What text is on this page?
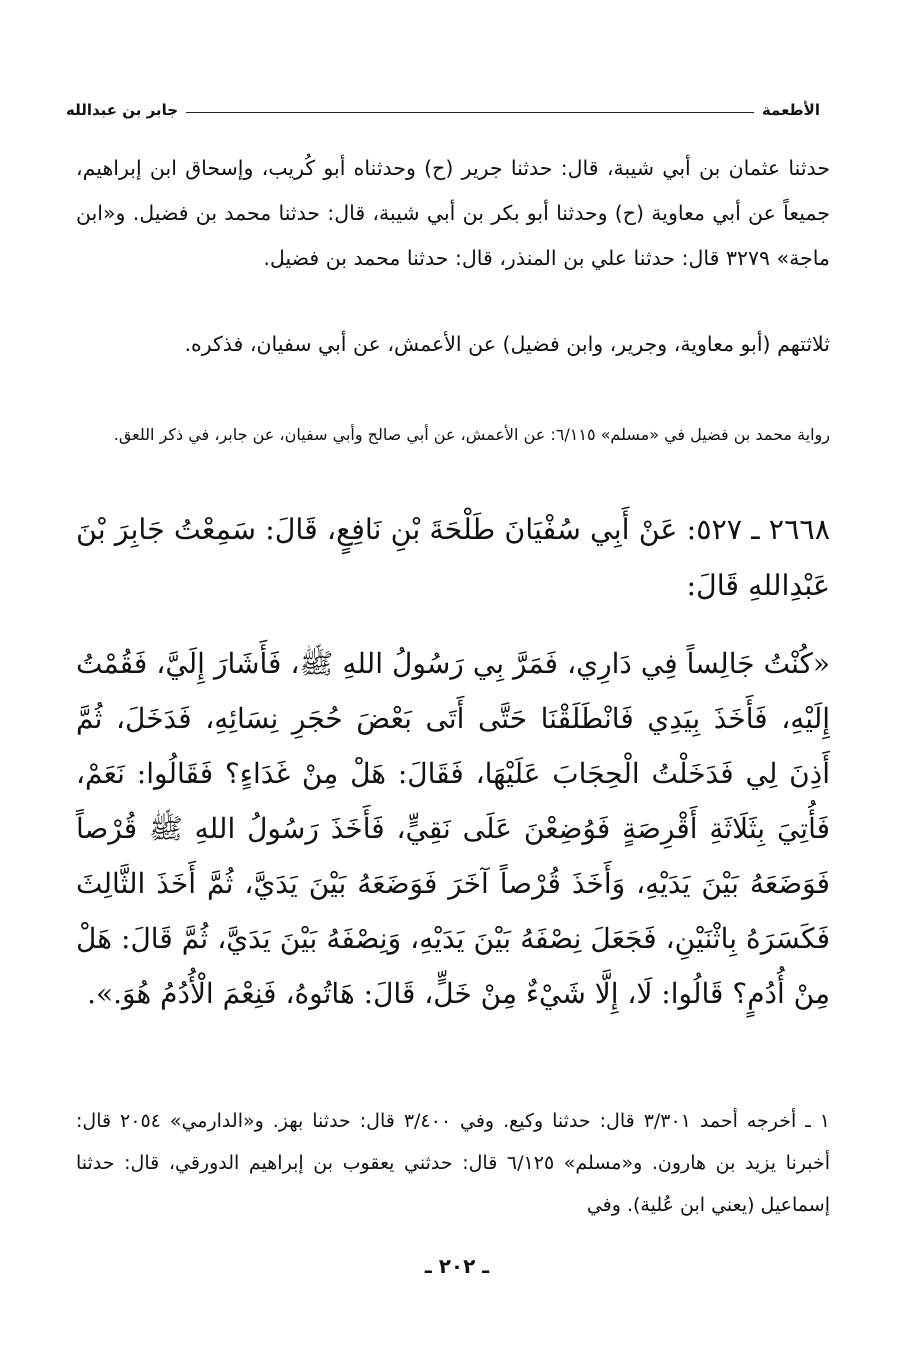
الأطعمة
جابر بن عبدالله
حدثنا عثمان بن أبي شيبة، قال: حدثنا جرير (ح) وحدثناه أبو كُريب، وإسحاق ابن إبراهيم، جميعاً عن أبي معاوية (ح) وحدثنا أبو بكر بن أبي شيبة، قال: حدثنا محمد بن فضيل. و«ابن ماجة» ٣٢٧٩ قال: حدثنا علي بن المنذر، قال: حدثنا محمد بن فضيل.
ثلاثتهم (أبو معاوية، وجرير، وابن فضيل) عن الأعمش، عن أبي سفيان، فذكره.
رواية محمد بن فضيل في «مسلم» ٦/١١٥: عن الأعمش، عن أبي صالح وأبي سفيان، عن جابر، في ذكر اللعق.
٢٦٦٨ ـ ٥٢٧: عَنْ أَبِي سُفْيَانَ طَلْحَةَ بْنِ نَافِعٍ، قَالَ: سَمِعْتُ جَابِرَ بْنَ عَبْدِاللهِ قَالَ:
«كُنْتُ جَالِساً فِي دَارِي، فَمَرَّ بِي رَسُولُ اللهِ ﷺ، فَأَشَارَ إِلَيَّ، فَقُمْتُ إِلَيْهِ، فَأَخَذَ بِيَدِي فَانْطَلَقْنَا حَتَّى أَتَى بَعْضَ حُجَرِ نِسَائِهِ، فَدَخَلَ، ثُمَّ أَذِنَ لِي فَدَخَلْتُ الْحِجَابَ عَلَيْهَا، فَقَالَ: هَلْ مِنْ غَدَاءٍ؟ فَقَالُوا: نَعَمْ، فَأُتِيَ بِثَلَاثَةِ أَقْرِصَةٍ فَوُضِعْنَ عَلَى نَقِيٍّ، فَأَخَذَ رَسُولُ اللهِ ﷺ قُرْصاً فَوَضَعَهُ بَيْنَ يَدَيْهِ، وَأَخَذَ قُرْصاً آخَرَ فَوَضَعَهُ بَيْنَ يَدَيَّ، ثُمَّ أَخَذَ الثَّالِثَ فَكَسَرَهُ بِاثْنَيْنِ، فَجَعَلَ نِصْفَهُ بَيْنَ يَدَيْهِ، وَنِصْفَهُ بَيْنَ يَدَيَّ، ثُمَّ قَالَ: هَلْ مِنْ أُدُمٍ؟ قَالُوا: لَا، إِلَّا شَيْءٌ مِنْ خَلٍّ، قَالَ: هَاتُوهُ، فَنِعْمَ الْأُدُمُ هُوَ.».
١ ـ أخرجه أحمد ٣/٣٠١ قال: حدثنا وكيع. وفي ٣/٤٠٠ قال: حدثنا بهز. و«الدارمي» ٢٠٥٤ قال: أخبرنا يزيد بن هارون. و«مسلم» ٦/١٢٥ قال: حدثني يعقوب بن إبراهيم الدورقي، قال: حدثنا إسماعيل (يعني ابن عُلية). وفي
ـ ٢٠٢ ـ
